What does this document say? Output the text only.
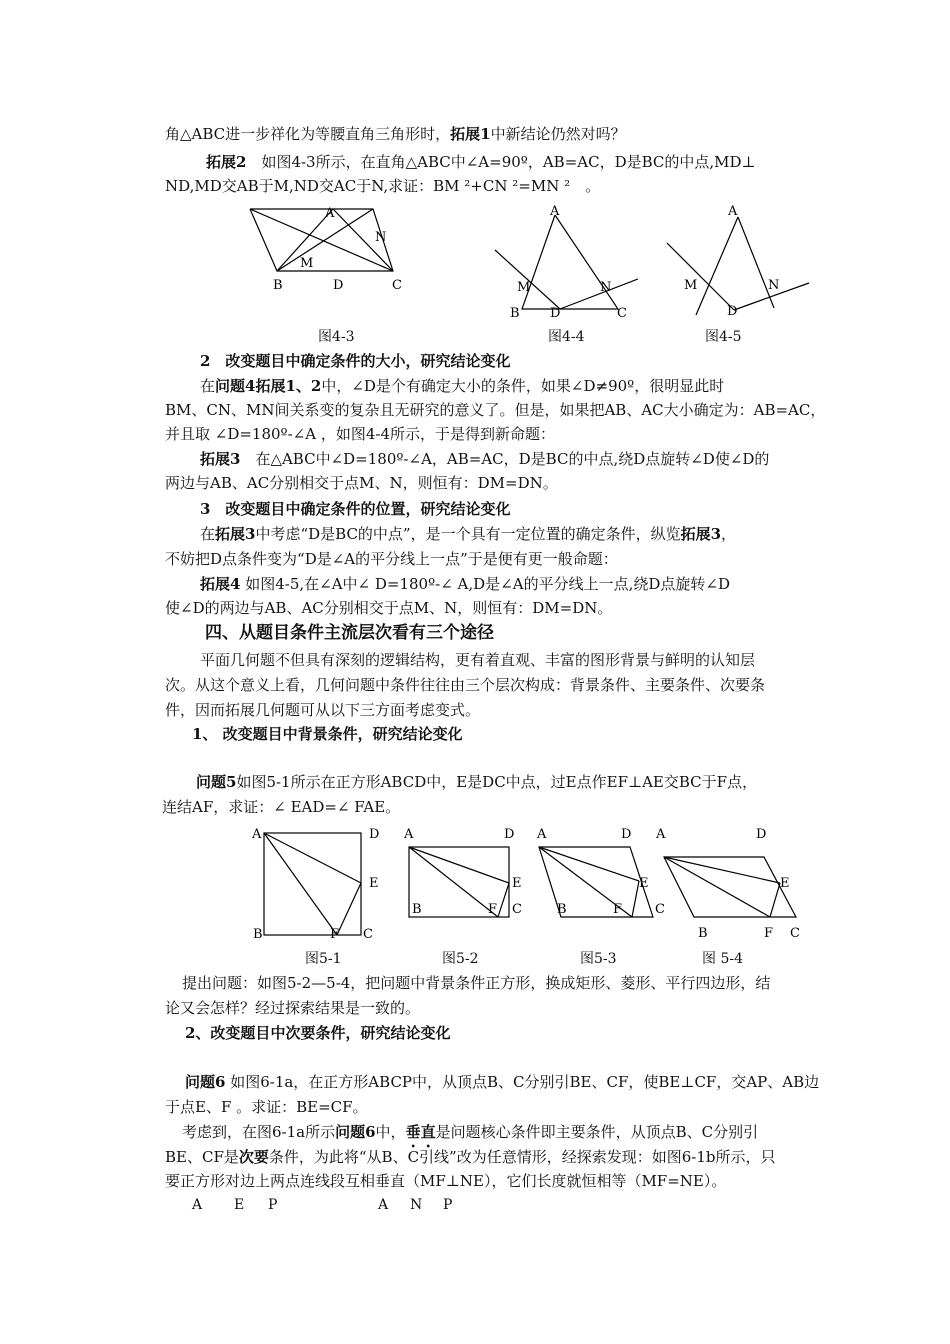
角△ABC进一步祥化为等腰直角三角形时，拓展1中新结论仍然对吗？
拓展2　如图4-3所示，在直角△ABC中∠A=90º，AB=AC，D是BC的中点,MD⊥
ND,MD交AB于M,ND交AC于N,求证：BM ²+CN ²=MN ²　。
A
N
M
B	D	C
A
M	N
B D	C
A
M	N
D
图4-3	图4-4	图4-5
2　改变题目中确定条件的大小，研究结论变化
在问题4拓展1、2中，∠D是个有确定大小的条件，如果∠D≠90º，很明显此时
BM、CN、MN间关系变的复杂且无研究的意义了。但是，如果把AB、AC大小确定为：AB=AC，
并且取 ∠D=180º-∠A ，如图4-4所示，于是得到新命题：
拓展3　在△ABC中∠D=180º-∠A，AB=AC，D是BC的中点,绕D点旋转∠D使∠D的
两边与AB、AC分别相交于点M、N，则恒有：DM=DN。
3　改变题目中确定条件的位置，研究结论变化
在拓展3中考虑“D是BC的中点”，是一个具有一定位置的确定条件，纵览拓展3，
不妨把D点条件变为“D是∠A的平分线上一点”于是便有更一般命题：
拓展4 如图4-5,在∠A中∠ D=180º-∠ A,D是∠A的平分线上一点,绕D点旋转∠D
使∠D的两边与AB、AC分别相交于点M、N，则恒有：DM=DN。
四、从题目条件主流层次看有三个途径
平面几何题不但具有深刻的逻辑结构，更有着直观、丰富的图形背景与鲜明的认知层
次。从这个意义上看，几何问题中条件往往由三个层次构成：背景条件、主要条件、次要条
件，因而拓展几何题可从以下三方面考虑变式。
1、 改变题目中背景条件，研究结论变化
问题5如图5-1所示在正方形ABCD中，E是DC中点，过E点作EF⊥AE交BC于F点，
连结AF，求证：∠ EAD=∠ FAE。
A	D
E
B	F C
A	D
E
B	F C
A	D
E
B	F	C
A	D
E
B	F C
图5-1	图5-2	图5-3	图 5-4
提出问题：如图5-2—5-4，把问题中背景条件正方形，换成矩形、菱形、平行四边形，结
论又会怎样？经过探索结果是一致的。
2、改变题目中次要条件，研究结论变化
问题6 如图6-1a，在正方形ABCP中，从顶点B、C分别引BE、CF，使BE⊥CF，交AP、AB边
于点E、F 。求证：BE=CF。
考虑到，在图6-1a所示问题6中，垂直是问题核心条件即主要条件，从顶点B、C分别引
BE、CF是次要条件，为此将“从B、C引线”改为任意情形，经探索发现：如图6-1b所示，只
要正方形对边上两点连线段互相垂直（MF⊥NE），它们长度就恒相等（MF=NE）。
A E P	A N P
